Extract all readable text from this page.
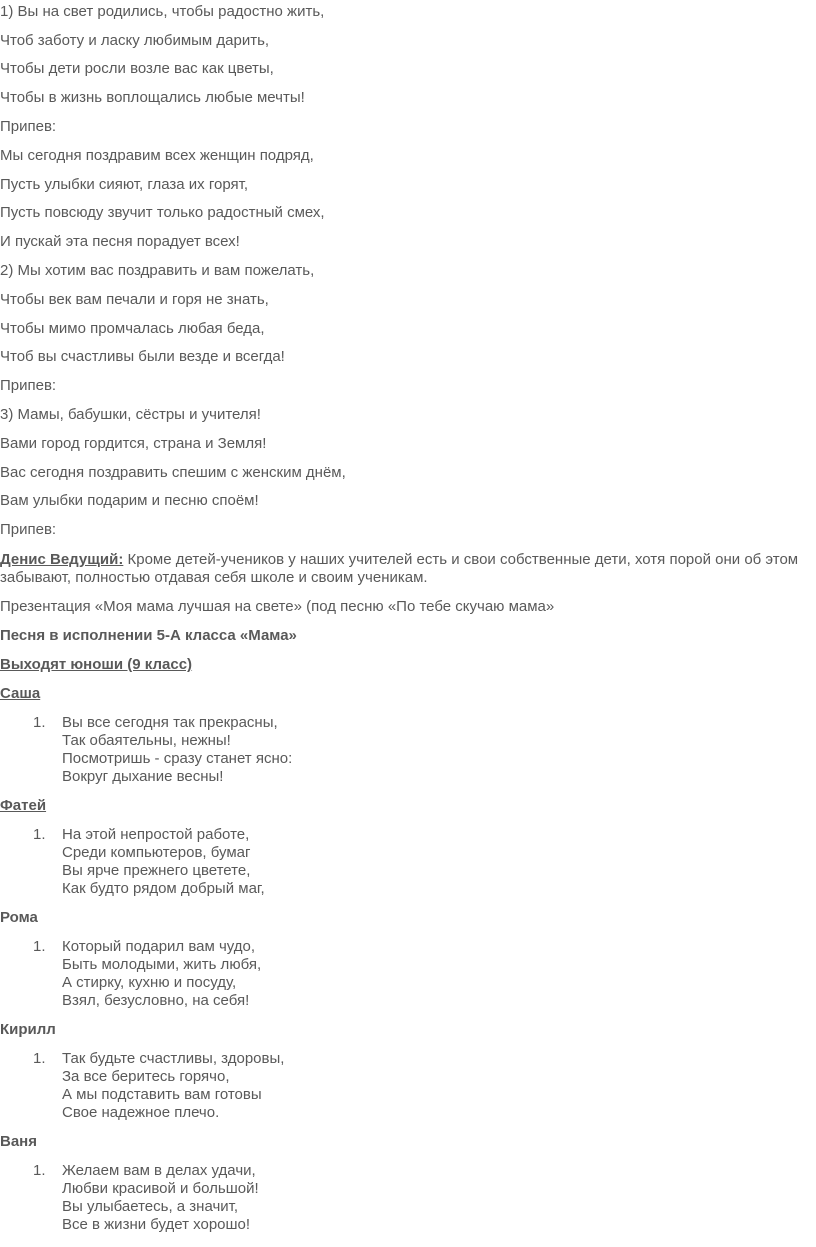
1) Вы на свет родились, чтобы радостно жить,
Чтоб заботу и ласку любимым дарить,
Чтобы дети росли возле вас как цветы,
Чтобы в жизнь воплощались любые мечты!
Припев:
Мы сегодня поздравим всех женщин подряд,
Пусть улыбки сияют, глаза их горят,
Пусть повсюду звучит только радостный смех,
И пускай эта песня порадует всех!
2) Мы хотим вас поздравить и вам пожелать,
Чтобы век вам печали и горя не знать,
Чтобы мимо промчалась любая беда,
Чтоб вы счастливы были везде и всегда!
Припев:
3) Мамы, бабушки, сёстры и учителя!
Вами город гордится, страна и Земля!
Вас сегодня поздравить спешим с женским днём,
Вам улыбки подарим и песню споём!
Припев:
Денис Ведущий: Кроме детей-учеников у наших учителей есть и свои собственные дети, хотя порой они об этом забывают, полностью отдавая себя школе и своим ученикам.
Презентация «Моя мама лучшая на свете» (под песню «По тебе скучаю мама»
Песня в исполнении 5-А класса «Мама»
Выходят юноши (9 класс)
Саша
1. Вы все сегодня так прекрасны,
Так обаятельны, нежны!
Посмотришь - сразу станет ясно:
Вокруг дыхание весны!
Фатей
1. На этой непростой работе,
Среди компьютеров, бумаг
Вы ярче прежнего цветете,
Как будто рядом добрый маг,
Рома
1. Который подарил вам чудо,
Быть молодыми, жить любя,
А стирку, кухню и посуду,
Взял, безусловно, на себя!
Кирилл
1. Так будьте счастливы, здоровы,
За все беритесь горячо,
А мы подставить вам готовы
Свое надежное плечо.
Ваня
1. Желаем вам в делах удачи,
Любви красивой и большой!
Вы улыбаетесь, а значит,
Все в жизни будет хорошо!
